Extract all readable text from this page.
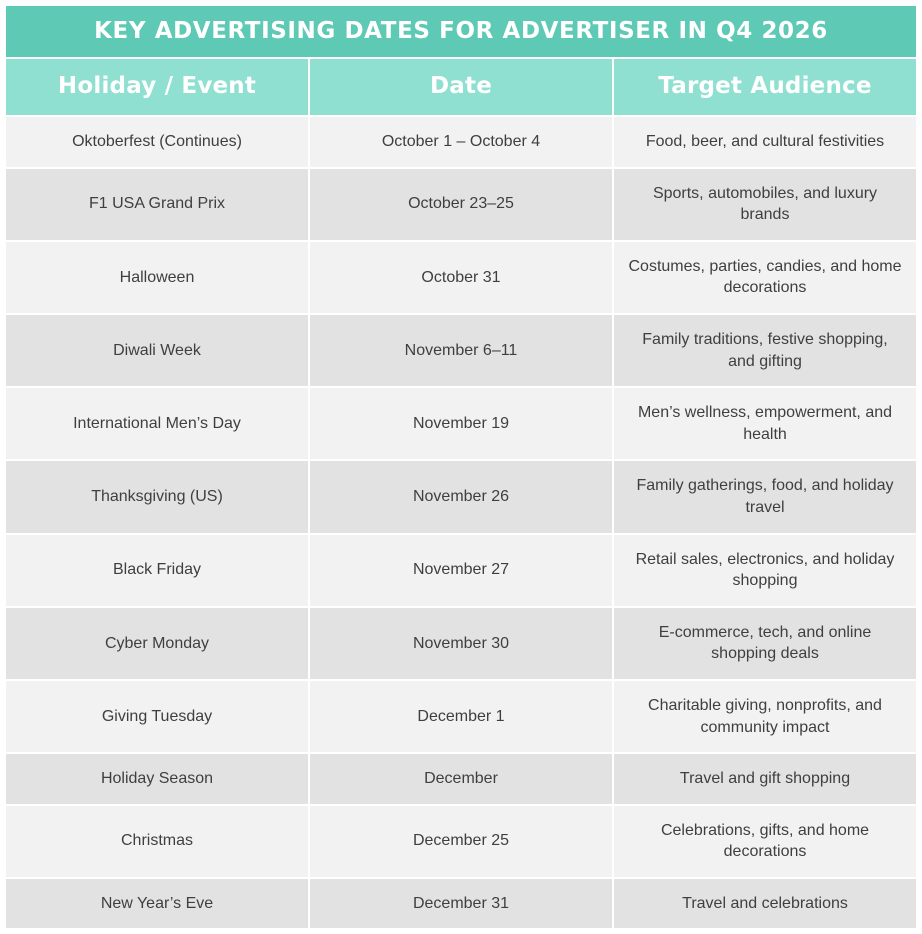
KEY ADVERTISING DATES FOR ADVERTISER IN Q4 2026		
Holiday / Event	Date	Target Audience
Oktoberfest (Continues)	October 1 – October 4	Food, beer, and cultural festivities
F1 USA Grand Prix	October 23–25	Sports, automobiles, and luxury brands
Halloween	October 31	Costumes, parties, candies, and home decorations
Diwali Week	November 6–11	Family traditions, festive shopping, and gifting
International Men’s Day	November 19	Men’s wellness, empowerment, and health
Thanksgiving (US)	November 26	Family gatherings, food, and holiday travel
Black Friday	November 27	Retail sales, electronics, and holiday shopping
Cyber Monday	November 30	E-commerce, tech, and online shopping deals
Giving Tuesday	December 1	Charitable giving, nonprofits, and community impact
Holiday Season	December	Travel and gift shopping
Christmas	December 25	Celebrations, gifts, and home decorations
New Year’s Eve	December 31	Travel and celebrations
